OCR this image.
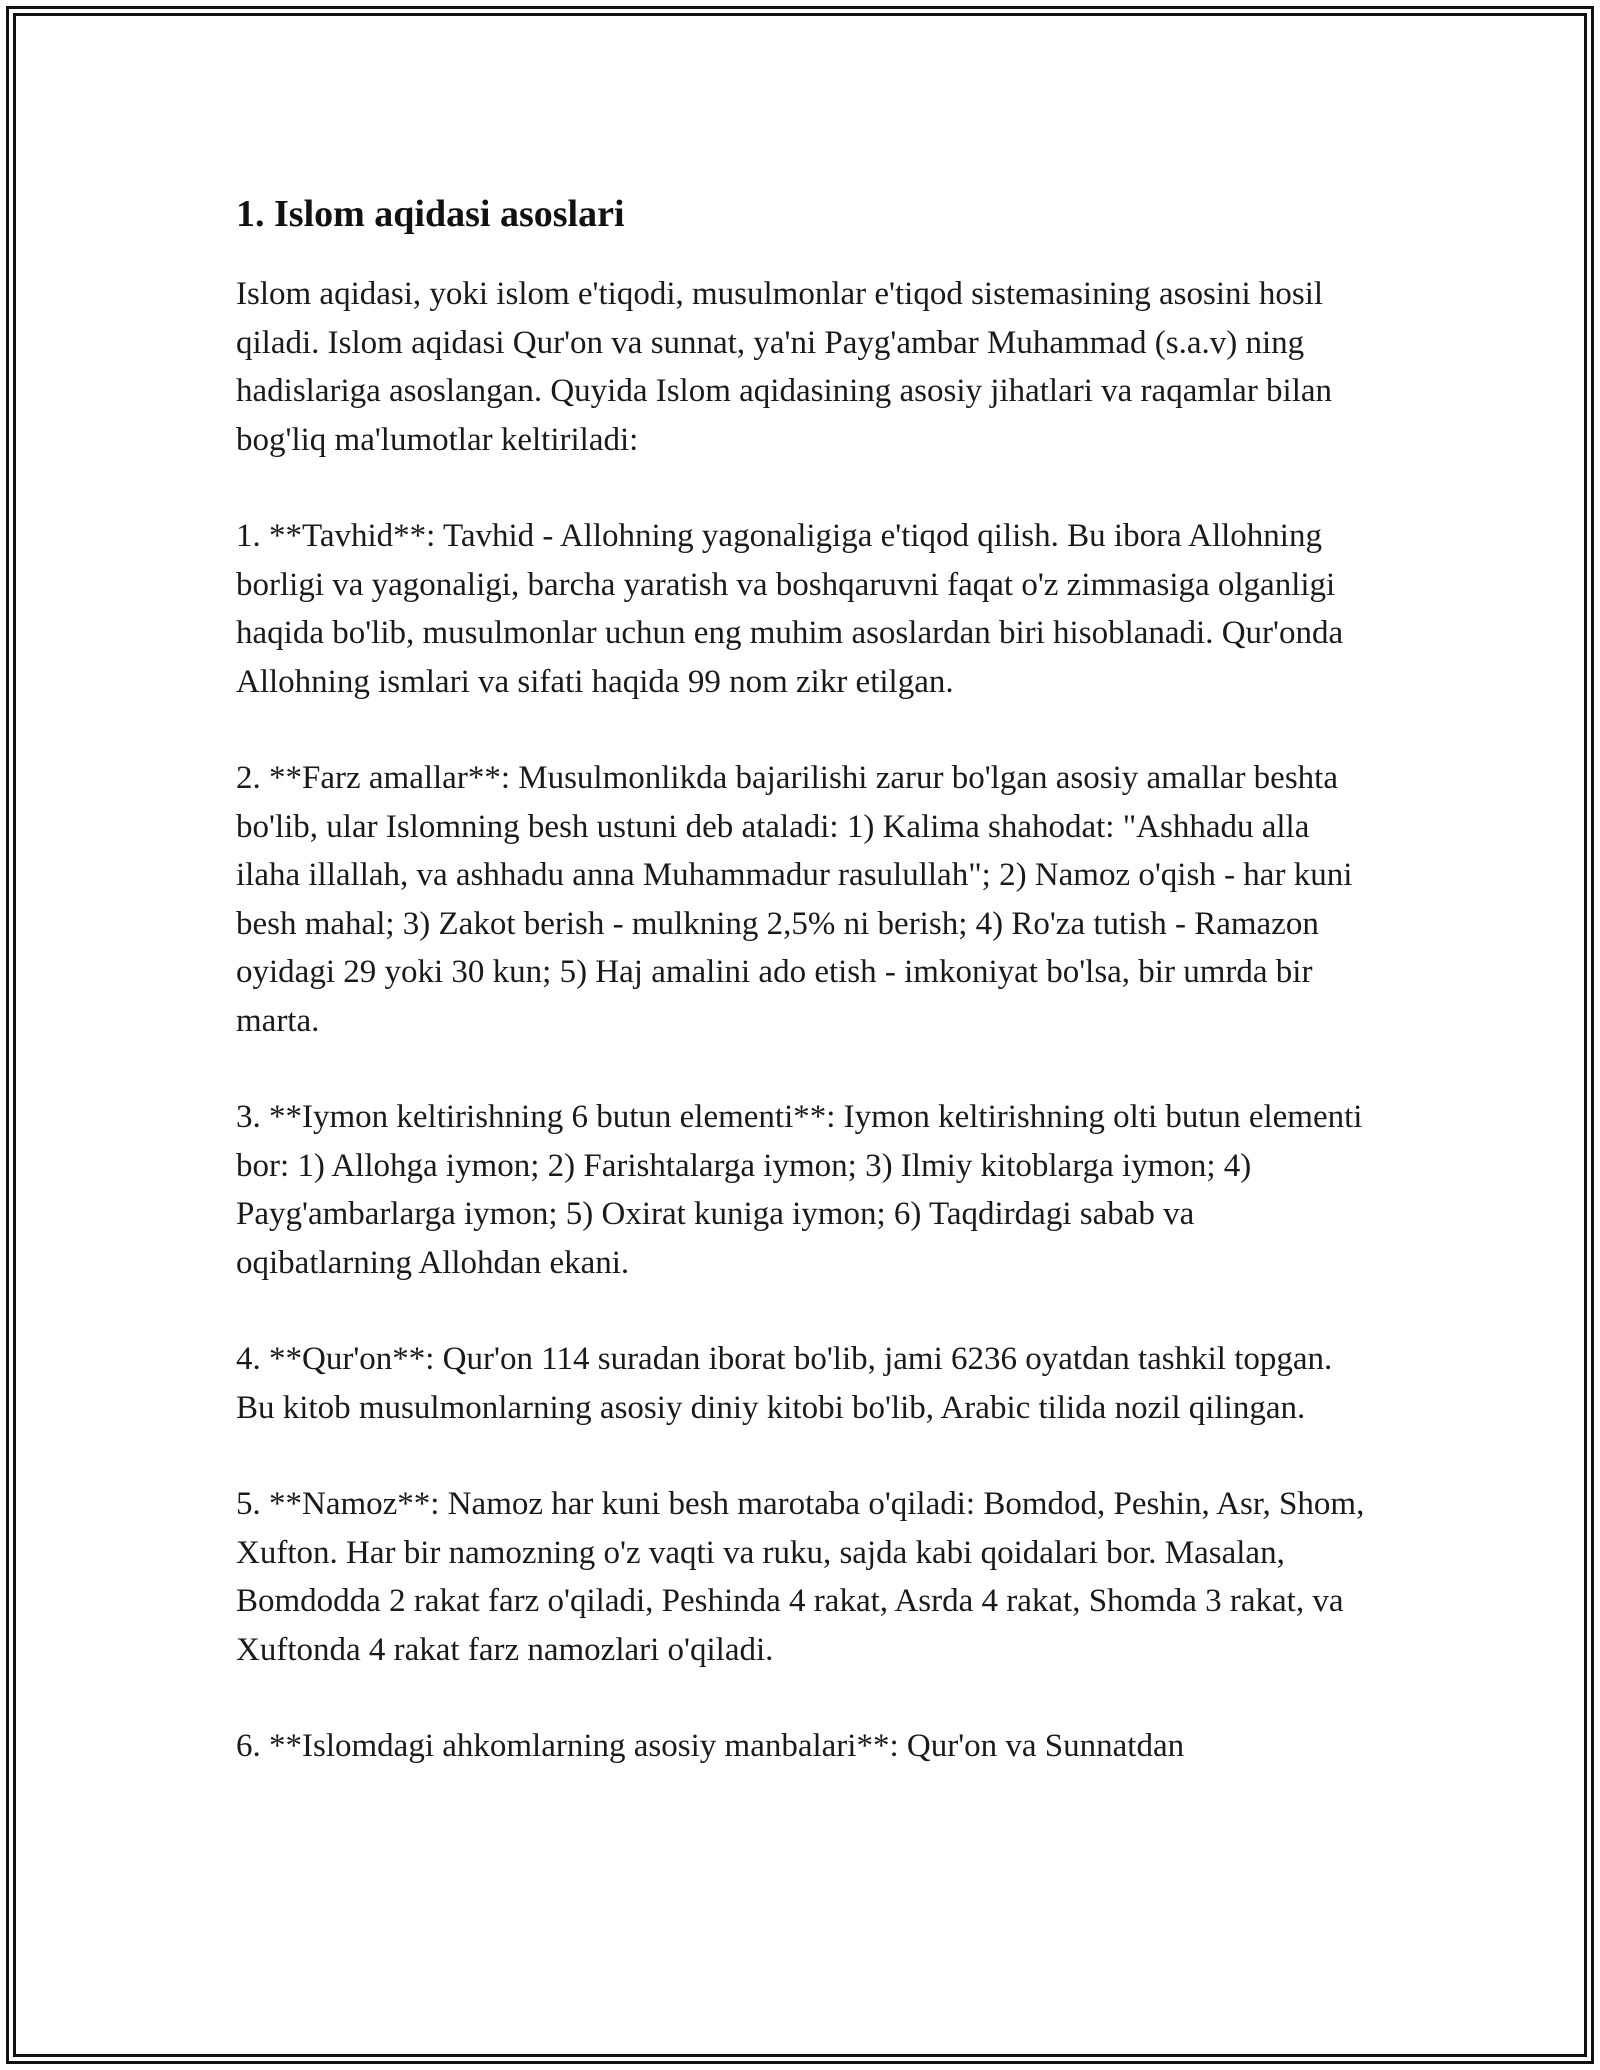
1. Islom aqidasi asoslari

Islom aqidasi, yoki islom e'tiqodi, musulmonlar e'tiqod sistemasining asosini hosil qiladi. Islom aqidasi Qur'on va sunnat, ya'ni Payg'ambar Muhammad (s.a.v) ning hadislariga asoslangan. Quyida Islom aqidasining asosiy jihatlari va raqamlar bilan bog'liq ma'lumotlar keltiriladi:

1. **Tavhid**: Tavhid - Allohning yagonaligiga e'tiqod qilish. Bu ibora Allohning borligi va yagonaligi, barcha yaratish va boshqaruvni faqat o'z zimmasiga olganligi haqida bo'lib, musulmonlar uchun eng muhim asoslardan biri hisoblanadi. Qur'onda Allohning ismlari va sifati haqida 99 nom zikr etilgan.

2. **Farz amallar**: Musulmonlikda bajarilishi zarur bo'lgan asosiy amallar beshta bo'lib, ular Islomning besh ustuni deb ataladi: 1) Kalima shahodat: "Ashhadu alla ilaha illallah, va ashhadu anna Muhammadur rasulullah"; 2) Namoz o'qish - har kuni besh mahal; 3) Zakot berish - mulkning 2,5% ni berish; 4) Ro'za tutish - Ramazon oyidagi 29 yoki 30 kun; 5) Haj amalini ado etish - imkoniyat bo'lsa, bir umrda bir marta.

3. **Iymon keltirishning 6 butun elementi**: Iymon keltirishning olti butun elementi bor: 1) Allohga iymon; 2) Farishtalarga iymon; 3) Ilmiy kitoblarga iymon; 4) Payg'ambarlarga iymon; 5) Oxirat kuniga iymon; 6) Taqdirdagi sabab va oqibatlarning Allohdan ekani.

4. **Qur'on**: Qur'on 114 suradan iborat bo'lib, jami 6236 oyatdan tashkil topgan. Bu kitob musulmonlarning asosiy diniy kitobi bo'lib, Arabic tilida nozil qilingan.

5. **Namoz**: Namoz har kuni besh marotaba o'qiladi: Bomdod, Peshin, Asr, Shom, Xufton. Har bir namozning o'z vaqti va ruku, sajda kabi qoidalari bor. Masalan, Bomdodda 2 rakat farz o'qiladi, Peshinda 4 rakat, Asrda 4 rakat, Shomda 3 rakat, va Xuftonda 4 rakat farz namozlari o'qiladi.

6. **Islomdagi ahkomlarning asosiy manbalari**: Qur'on va Sunnatdan
